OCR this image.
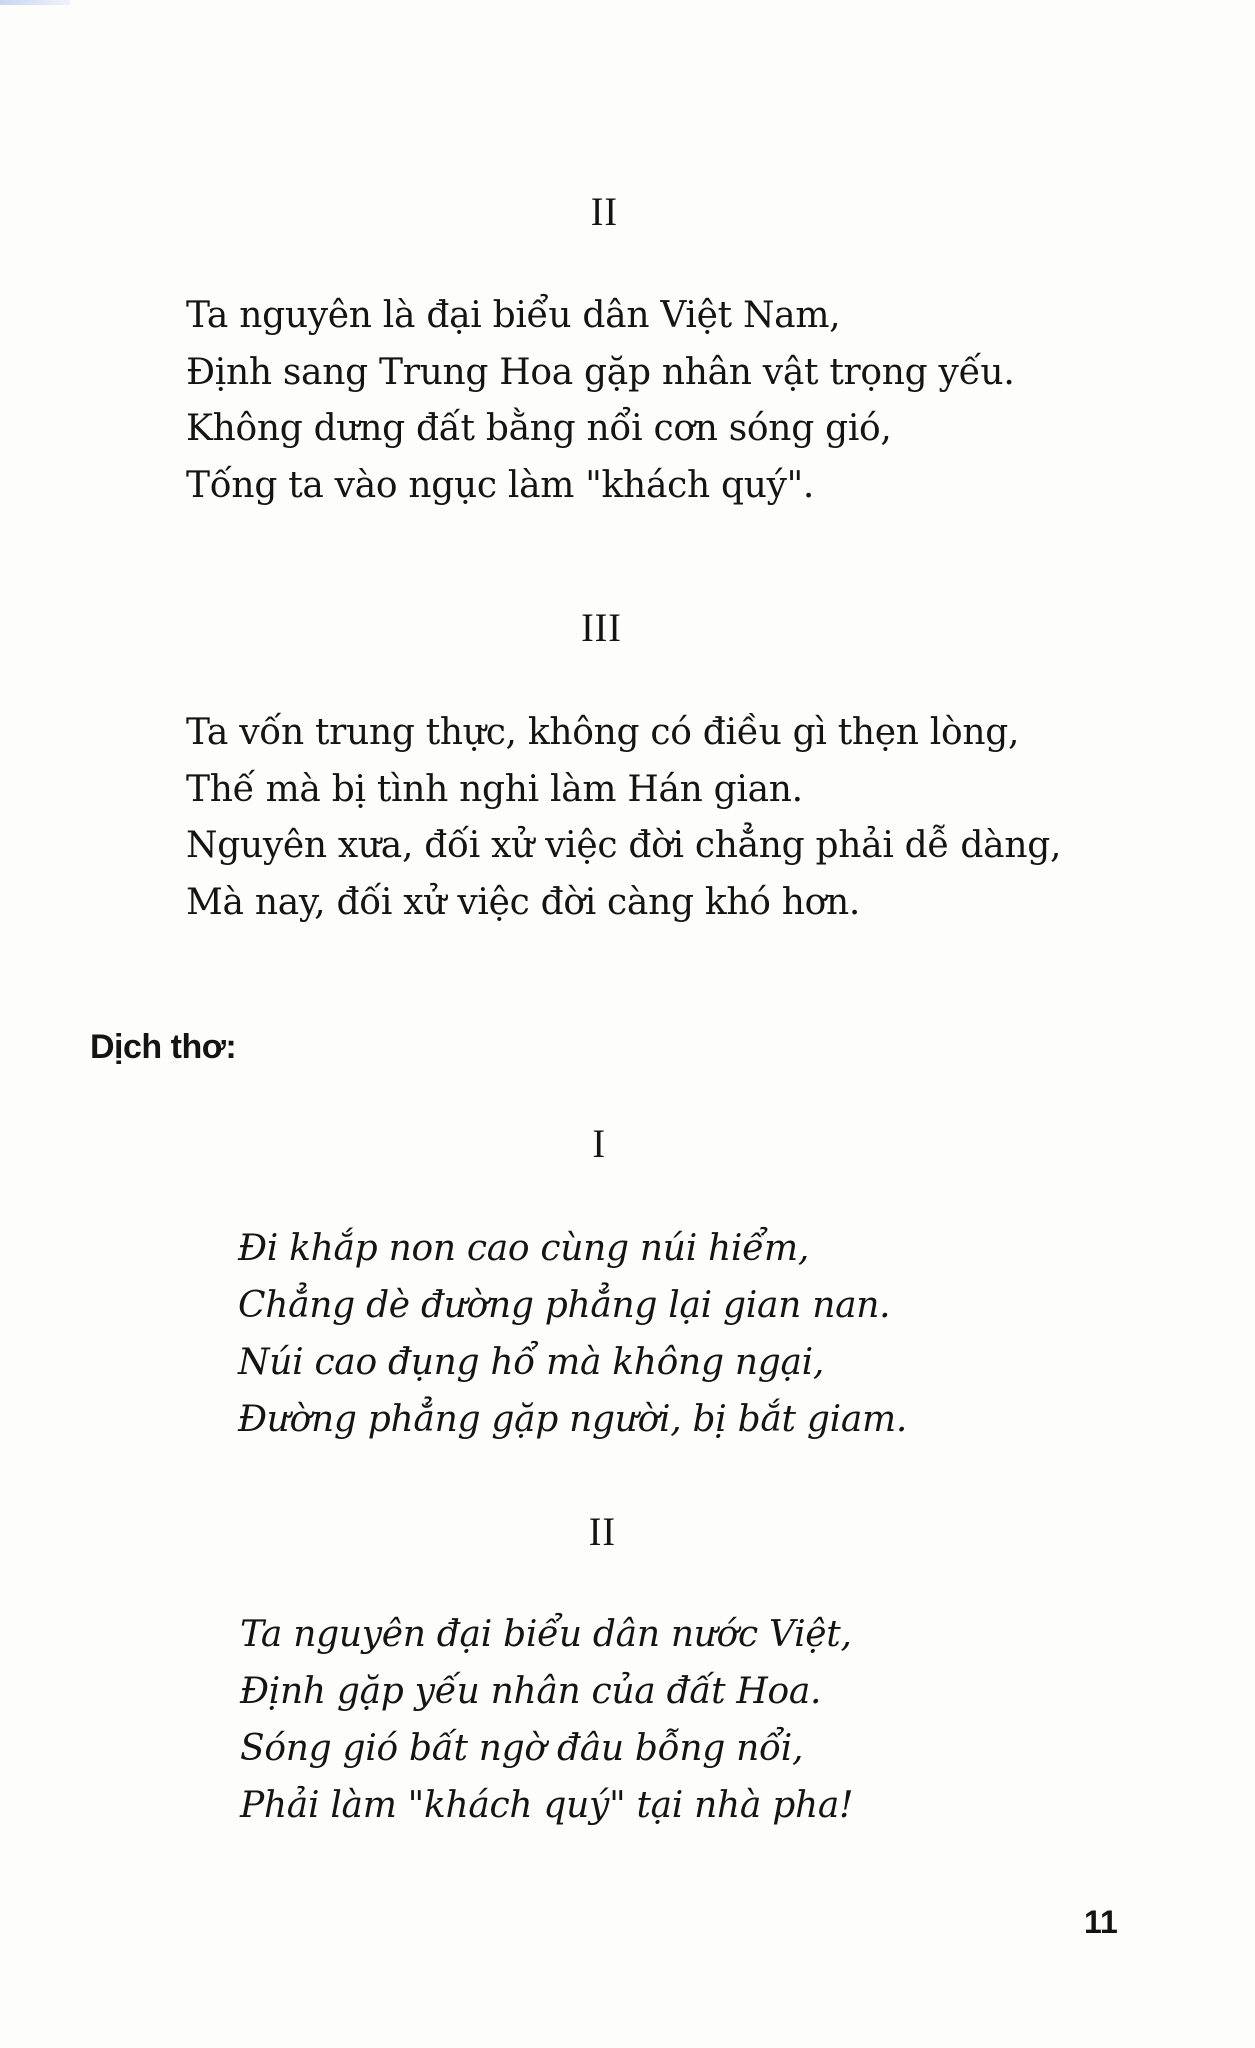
II
Ta nguyên là đại biểu dân Việt Nam,
Định sang Trung Hoa gặp nhân vật trọng yếu.
Không dưng đất bằng nổi cơn sóng gió,
Tống ta vào ngục làm "khách quý".
III
Ta vốn trung thực, không có điều gì thẹn lòng,
Thế mà bị tình nghi làm Hán gian.
Nguyên xưa, đối xử việc đời chẳng phải dễ dàng,
Mà nay, đối xử việc đời càng khó hơn.
Dịch thơ:
I
Đi khắp non cao cùng núi hiểm,
Chẳng dè đường phẳng lại gian nan.
Núi cao đụng hổ mà không ngại,
Đường phẳng gặp người, bị bắt giam.
II
Ta nguyên đại biểu dân nước Việt,
Định gặp yếu nhân của đất Hoa.
Sóng gió bất ngờ đâu bỗng nổi,
Phải làm "khách quý" tại nhà pha!
11
